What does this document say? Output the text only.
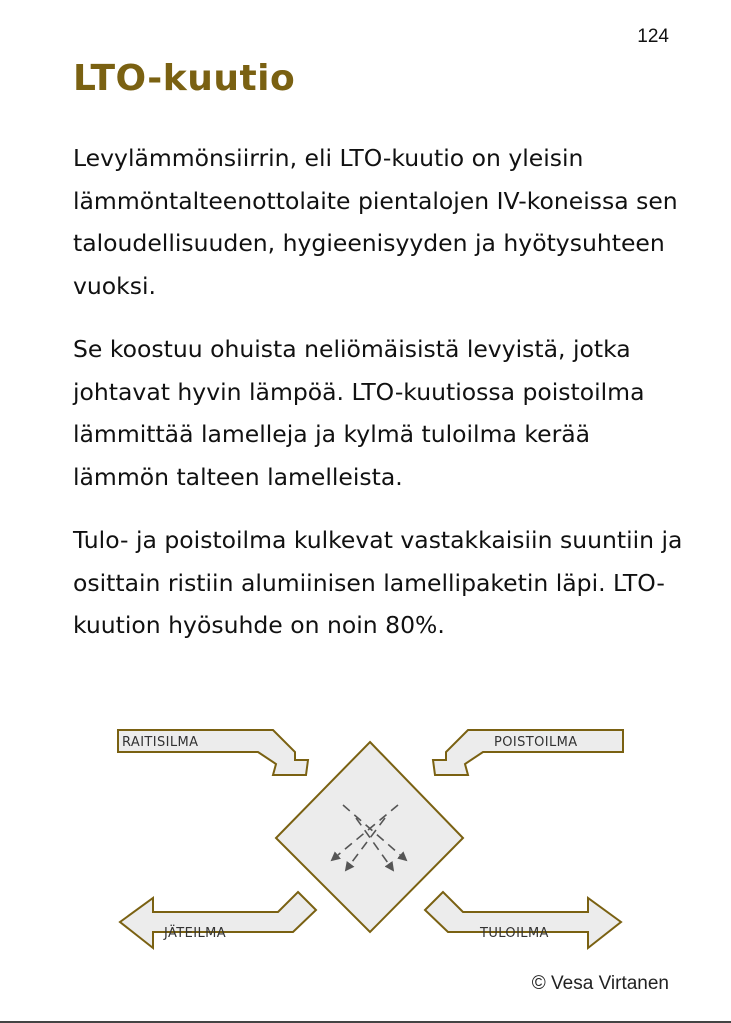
124
LTO-kuutio

Levylämmönsiirrin, eli LTO-kuutio on yleisin lämmöntalteenottolaite pientalojen IV-koneissa sen taloudellisuuden, hygieenisyyden ja hyötysuhteen vuoksi.

Se koostuu ohuista neliömäisistä levyistä, jotka johtavat hyvin lämpöä. LTO-kuutiossa poistoilma lämmittää lamelleja ja kylmä tuloilma kerää lämmön talteen lamelleista.

Tulo- ja poistoilma kulkevat vastakkaisiin suuntiin ja osittain ristiin alumiinisen lamellipaketin läpi. LTO-kuution hyösuhde on noin 80%.

RAITISILMA	POISTOILMA
JÄTEILMA	TULOILMA
© Vesa Virtanen
